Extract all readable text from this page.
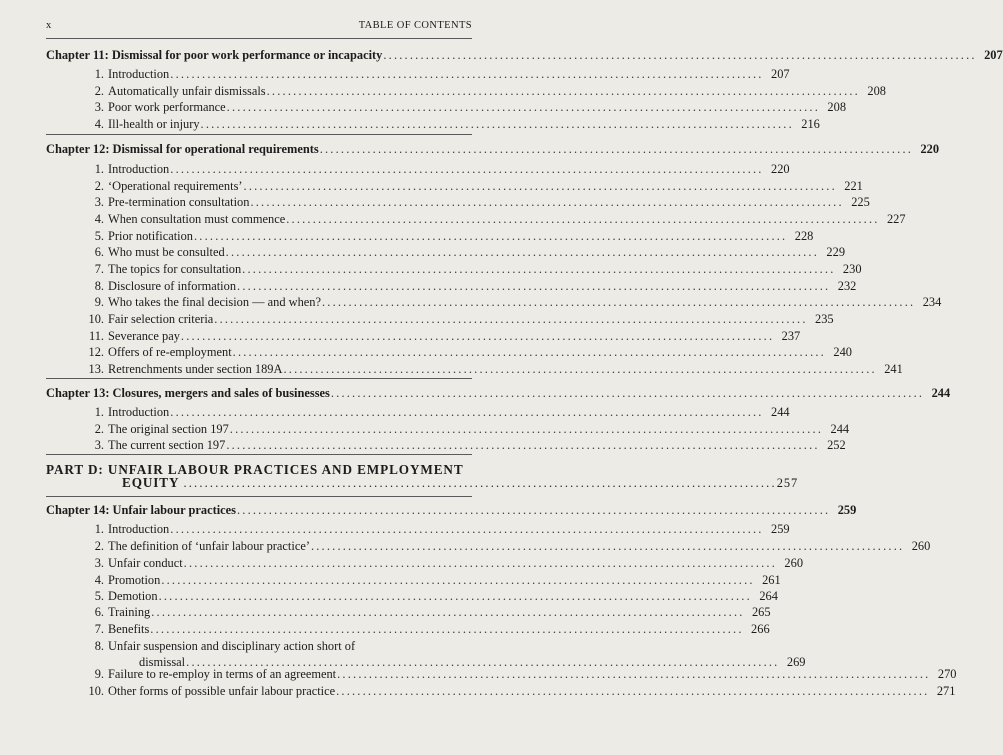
x	TABLE OF CONTENTS
Chapter 11: Dismissal for poor work performance or incapacity ................................................................................................................ 207
1. Introduction ................................................................................................................ 207
2. Automatically unfair dismissals ................................................................................................................ 208
3. Poor work performance ................................................................................................................ 208
4. Ill-health or injury ................................................................................................................ 216
Chapter 12: Dismissal for operational requirements ................................................................................................................ 220
1. Introduction ................................................................................................................ 220
2. ‘Operational requirements’ ................................................................................................................ 221
3. Pre-termination consultation ................................................................................................................ 225
4. When consultation must commence ................................................................................................................ 227
5. Prior notification ................................................................................................................ 228
6. Who must be consulted ................................................................................................................ 229
7. The topics for consultation ................................................................................................................ 230
8. Disclosure of information ................................................................................................................ 232
9. Who takes the final decision — and when? ................................................................................................................ 234
10. Fair selection criteria ................................................................................................................ 235
11. Severance pay ................................................................................................................ 237
12. Offers of re-employment ................................................................................................................ 240
13. Retrenchments under section 189A ................................................................................................................ 241
Chapter 13: Closures, mergers and sales of businesses ................................................................................................................ 244
1. Introduction ................................................................................................................ 244
2. The original section 197 ................................................................................................................ 244
3. The current section 197 ................................................................................................................ 252
PART D: UNFAIR LABOUR PRACTICES AND EMPLOYMENT
EQUITY ................................................................................................................ 257
Chapter 14: Unfair labour practices ................................................................................................................ 259
1. Introduction ................................................................................................................ 259
2. The definition of ‘unfair labour practice’ ................................................................................................................ 260
3. Unfair conduct ................................................................................................................ 260
4. Promotion ................................................................................................................ 261
5. Demotion ................................................................................................................ 264
6. Training ................................................................................................................ 265
7. Benefits ................................................................................................................ 266
8. Unfair suspension and disciplinary action short of
dismissal ................................................................................................................ 269
9. Failure to re-employ in terms of an agreement ................................................................................................................ 270
10. Other forms of possible unfair labour practice ................................................................................................................ 271
